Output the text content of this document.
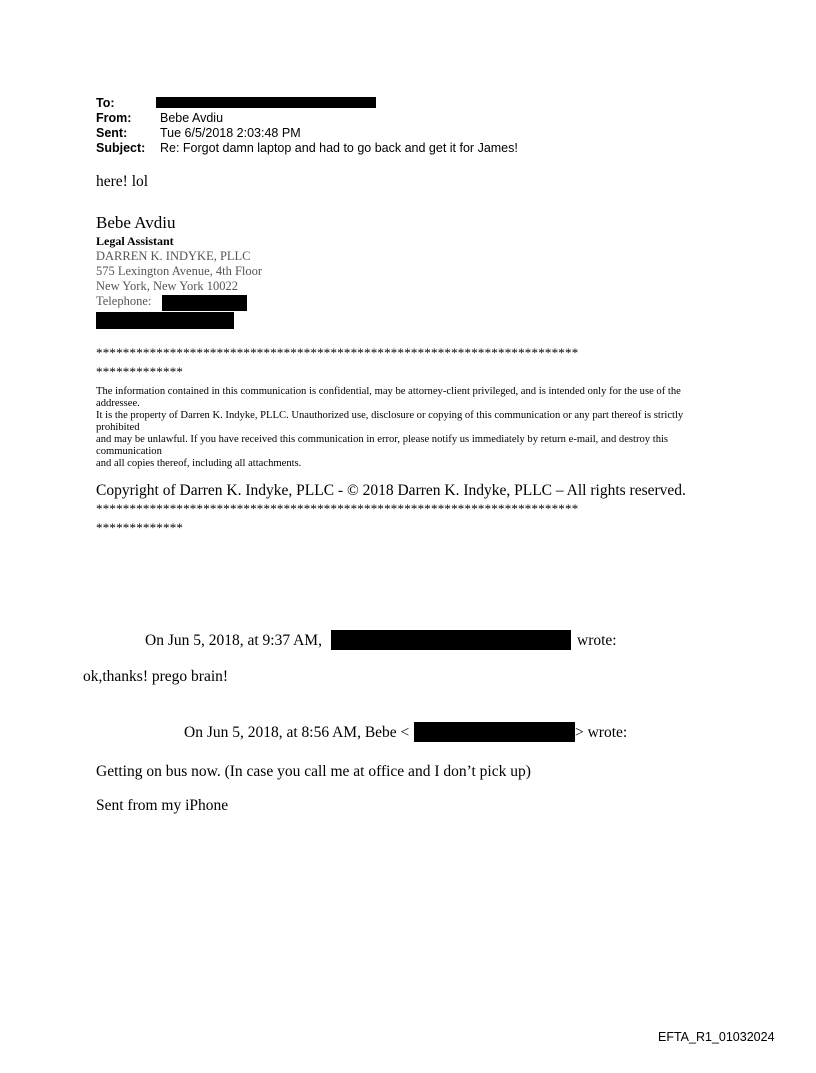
To:
From: Bebe Avdiu
Sent:	Tue 6/5/2018 2:03:48 PM
Subject: Re: Forgot damn laptop and had to go back and get it for James!

here! lol

Bebe Avdiu

Legal Assistant

DARREN K. INDYKE, PLLC

575 Lexington Avenue, 4th Floor

New York, New York 10022

Telephone:

************************************************************************

*************

The information contained in this communication is confidential, may be attorney-client privileged, and is intended only for the use of the addressee.
It is the property of Darren K. Indyke, PLLC. Unauthorized use, disclosure or copying of this communication or any part thereof is strictly prohibited
and may be unlawful. If you have received this communication in error, please notify us immediately by return e-mail, and destroy this communication
and all copies thereof, including all attachments.

Copyright of Darren K. Indyke, PLLC - © 2018 Darren K. Indyke, PLLC – All rights reserved.

************************************************************************

*************

On Jun 5, 2018, at 9:37 AM,	wrote:

ok,thanks! prego brain!

On Jun 5, 2018, at 8:56 AM, Bebe <	> wrote:

Getting on bus now. (In case you call me at office and I don’t pick up)

Sent from my iPhone

EFTA_R1_01032024
